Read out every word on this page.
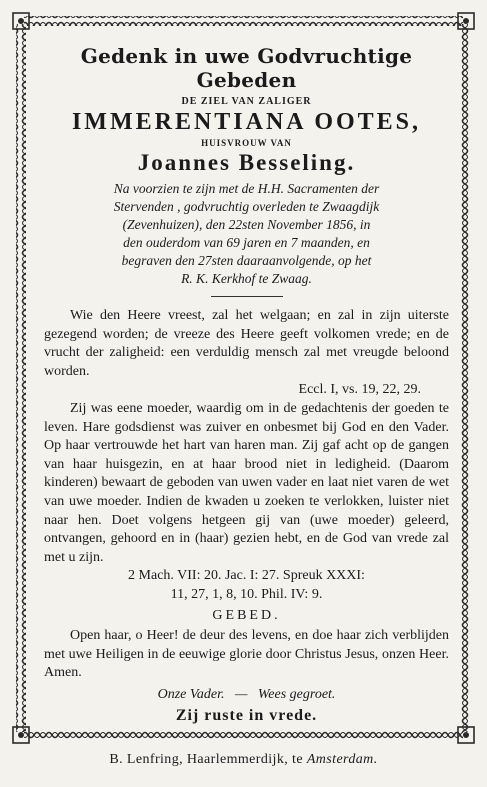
Gedenk in uwe Godvruchtige Gebeden
DE ZIEL VAN ZALIGER
IMMERENTIANA OOTES,
HUISVROUW VAN
Joannes Besseling.
Na voorzien te zijn met de H.H. Sacramenten der
Stervenden , godvruchtig overleden te Zwaagdijk
(Zevenhuizen), den 22sten November 1856, in
den ouderdom van 69 jaren en 7 maanden, en
begraven den 27sten daaraanvolgende, op het
R. K. Kerkhof te Zwaag.

Wie den Heere vreest, zal het welgaan; en zal in zijn uiterste gezegend worden; de vreeze des Heere geeft volkomen vrede; en de vrucht der zaligheid: een verduldig mensch zal met vreugde beloond worden.

Eccl. I, vs. 19, 22, 29.

Zij was eene moeder, waardig om in de gedachtenis der goeden te leven. Hare godsdienst was zuiver en onbesmet bij God en den Vader. Op haar vertrouwde het hart van haren man. Zij gaf acht op de gangen van haar huisgezin, en at haar brood niet in ledigheid. (Daarom kinderen) bewaart de geboden van uwen vader en laat niet varen de wet van uwe moeder. Indien de kwaden u zoeken te verlokken, luister niet naar hen. Doet volgens hetgeen gij van (uwe moeder) geleerd, ontvangen, gehoord en in (haar) gezien hebt, en de God van vrede zal met u zijn.

2 Mach. VII: 20. Jac. I: 27. Spreuk XXXI:

11, 27, 1, 8, 10. Phil. IV: 9.

GEBED.

Open haar, o Heer! de deur des levens, en doe haar zich verblijden met uwe Heiligen in de eeuwige glorie door Christus Jesus, onzen Heer. Amen.

Onze Vader. — Wees gegroet.
Zij ruste in vrede.
B. Lenfring, Haarlemmerdijk, te Amsterdam.
